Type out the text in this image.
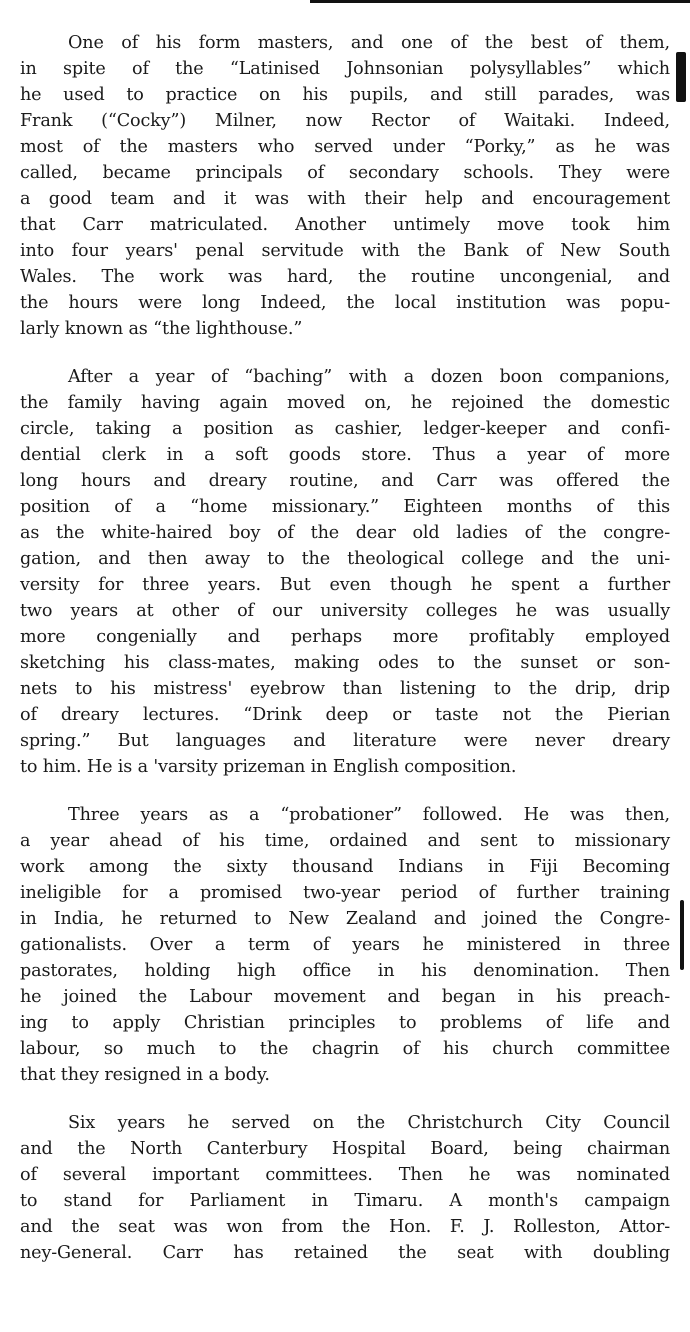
One of his form masters, and one of the best of them,
in spite of the “Latinised Johnsonian polysyllables” which
he used to practice on his pupils, and still parades, was
Frank (“Cocky”) Milner, now Rector of Waitaki. Indeed,
most of the masters who served under “Porky,” as he was
called, became principals of secondary schools. They were
a good team and it was with their help and encouragement
that Carr matriculated. Another untimely move took him
into four years' penal servitude with the Bank of New South
Wales. The work was hard, the routine uncongenial, and
the hours were long Indeed, the local institution was popu-
larly known as “the lighthouse.”
After a year of “baching” with a dozen boon companions,
the family having again moved on, he rejoined the domestic
circle, taking a position as cashier, ledger-keeper and confi-
dential clerk in a soft goods store. Thus a year of more
long hours and dreary routine, and Carr was offered the
position of a “home missionary.” Eighteen months of this
as the white-haired boy of the dear old ladies of the congre-
gation, and then away to the theological college and the uni-
versity for three years. But even though he spent a further
two years at other of our university colleges he was usually
more congenially and perhaps more profitably employed
sketching his class-mates, making odes to the sunset or son-
nets to his mistress' eyebrow than listening to the drip, drip
of dreary lectures. “Drink deep or taste not the Pierian
spring.” But languages and literature were never dreary
to him. He is a 'varsity prizeman in English composition.
Three years as a “probationer” followed. He was then,
a year ahead of his time, ordained and sent to missionary
work among the sixty thousand Indians in Fiji Becoming
ineligible for a promised two-year period of further training
in India, he returned to New Zealand and joined the Congre-
gationalists. Over a term of years he ministered in three
pastorates, holding high office in his denomination. Then
he joined the Labour movement and began in his preach-
ing to apply Christian principles to problems of life and
labour, so much to the chagrin of his church committee
that they resigned in a body.
Six years he served on the Christchurch City Council
and the North Canterbury Hospital Board, being chairman
of several important committees. Then he was nominated
to stand for Parliament in Timaru. A month's campaign
and the seat was won from the Hon. F. J. Rolleston, Attor-
ney-General. Carr has retained the seat with doubling
